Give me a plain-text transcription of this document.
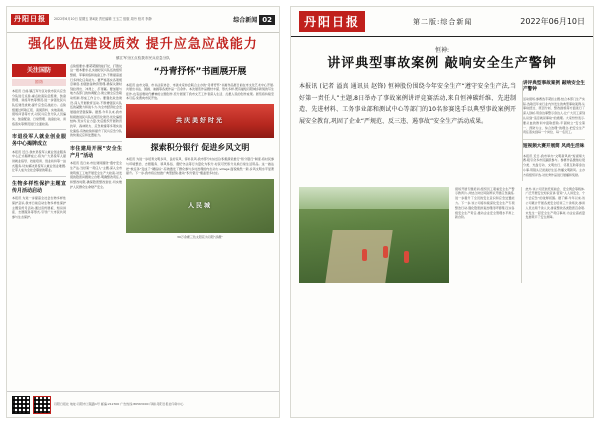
丹阳日报	2022年6月10日 星期五 第4版 责任编辑 王玉兰 组版 周丹 校对 李静	综合新闻 02
强化队伍建设质效 提升应急应战能力
镇江军分区点验我市民兵应急分队
关注国防
国 防

本报讯 日前,镇江军分区对我市民兵应急分队进行点验,重点检查队伍组建、装备管理、训练考核等情况,进一步强化民兵队伍建设质效,提升应急应战能力。点验组通过听取汇报、查阅资料、实地查看、现场问答等方式,对民兵应急分队人员编实、装备配备、日常管理、战备拉动、训练落实等情况进行全面检查。

市退役军人就业创业服务中心揭牌成立

本报讯 近日,我市退役军人就业创业服务中心正式揭牌成立,将为广大退役军人提供就业指导、技能培训、创业扶持等一站式服务,切实解决退役军人就业创业难题,让军人成为全社会尊崇的职业。

生物多样性保护主题宣传月活动启动

本报讯 为进一步提高全社会生物多样性保护意识,我市日前启动生物多样性保护主题宣传月活动,通过宣传展板、知识讲座、志愿服务等形式,引导广大市民共同参与生态保护。

点验组要求,要紧紧围绕能打仗、打胜仗这一根本要求,扎实做好民兵队伍的组织整顿、军事训练和战备工作,不断提高遂行多样化任务能力。要严格落实各项规章制度,加强装备物资管理,确保关键时刻拉得出、冲得上、打得赢。要加强与地方各部门的协调配合,建立健全应急联动机制,形成工作合力。要强化政治建设,深入开展教育活动,不断增强民兵队伍的凝聚力和战斗力,为全市经济社会发展提供坚强保障。据悉,今年以来,我市积极推进民兵队伍规范化建设,优化编组结构,充实专业力量,先后组织开展防汛抗旱、森林防火、应急救援等多项实战化演练,有效检验和提升了民兵应急分队的快速反应和处置能力。

市住建局开展“安全生产月”活动

本报讯 连日来,市住建局围绕“遵守安全生产法,当好第一责任人”主题,深入全市建筑施工工地开展安全生产大检查,对发现的隐患问题建立台账,明确整改责任人和整改时限,确保隐患整改到位,切实维护人民群众生命财产安全。

“丹青抒怀”书画展开展

本报讯 由市文联、市书法家协会、市美术家协会联合主办的“丹青抒怀”书画作品展日前在市文化艺术中心开展,共展出书法、国画、油画等各类作品一百余件。本次展览作品题材丰富、形式多样,既有描绘丹阳城乡新貌的写生佳作,也有讴歌时代精神的主题创作,充分展现了我市文艺工作者深入生活、扎根人民的创作成果。展览将持续至本月底,免费向市民开放。

共庆美好时光
探索积分银行 促进乡风文明

本报讯 为进一步培育文明乡风、良好家风、淳朴民风,我市部分村(社区)积极探索推行“积分银行”制度,将村民参与环境整治、志愿服务、移风易俗、遵纪守法等行为量化为积分,村民可凭积分兑换日常生活用品。这一做法把“软任务”变成了“硬指标”,有效激发了群众参与乡村治理的内生动力,village 面貌焕然一新,乡风文明水平显著提升。下一步,我市将总结推广典型经验,推动“积分银行”覆盖更多村庄。

人民城
30万余棵三色太阳花为丹阳“添靓”
丹阳日报社 地址:丹阳市兰陵路1号 邮编:212300 广告热线:86563000 印刷:丹阳日报社印务中心
丹阳日报	第二版:综合新闻	2022年06月10日
恒神:
讲评典型事故案例 敲响安全生产警钟
本报讯 (记者 溢真 通讯员 赵锋) 恒神股份围绕今年安全生产“遵守安全生产法,当好第一责任人”主题,8日举办了事故案例讲评竞赛活动,来自恒神碳纤维、先进制造、先进材料、工务事业部和测试中心等部门的10名参赛选手以典型事故案例开展安全教育,巩固了企业“严规范、反三违、遏事故”安全生产活动成果。
讲评典型事故案例 敲响安全生产警钟

活动现场,参赛选手紧扣主题,结合本部门生产实际,选取近年来行业内外发生的典型事故案例,从事故经过、原因分析、整改措施等方面进行了深入剖析,用身边事警示身边人,让广大员工深刻认识到“违章就是事故”的道理。大家纷纷表示,要从血的教训中汲取经验,牢固树立“安全第一、预防为主、综合治理”的理念,把安全生产责任落实到每一个岗位、每一名员工。

短视频大赛开展简 风尚生活味

本报讯 近日,我市举办“文明新风尚”短视频大赛,吸引众多市民踊跃参与。参赛作品聚焦垃圾分类、光盘行动、文明出行、邻里互助等身边小事,用镜头记录美好生活,传播文明新风。主办方将组织评选,对优秀作品进行展播和奖励。

现场开展专题培训,组织员工观看安全生产警示教育片,并结合岗位风险辨识开展应急演练,进一步提升了全员的安全意识和应急处置能力。下一步,该公司将持续深化安全生产专项整治行动,强化隐患排查治理闭环管理,压实各级安全生产责任,推动企业安全管理水平再上新台阶。
此外,该公司还依托班前会、安全例会等载体,广泛开展安全知识宣讲,营造“人人讲安全、个个会应急”的浓厚氛围。据了解,今年以来,该公司累计开展各类安全培训三十余场次,参训人员达两千余人次,排查整改各类隐患百余项,未发生一起安全生产责任事故,为企业高质量发展筑牢了安全屏障。
